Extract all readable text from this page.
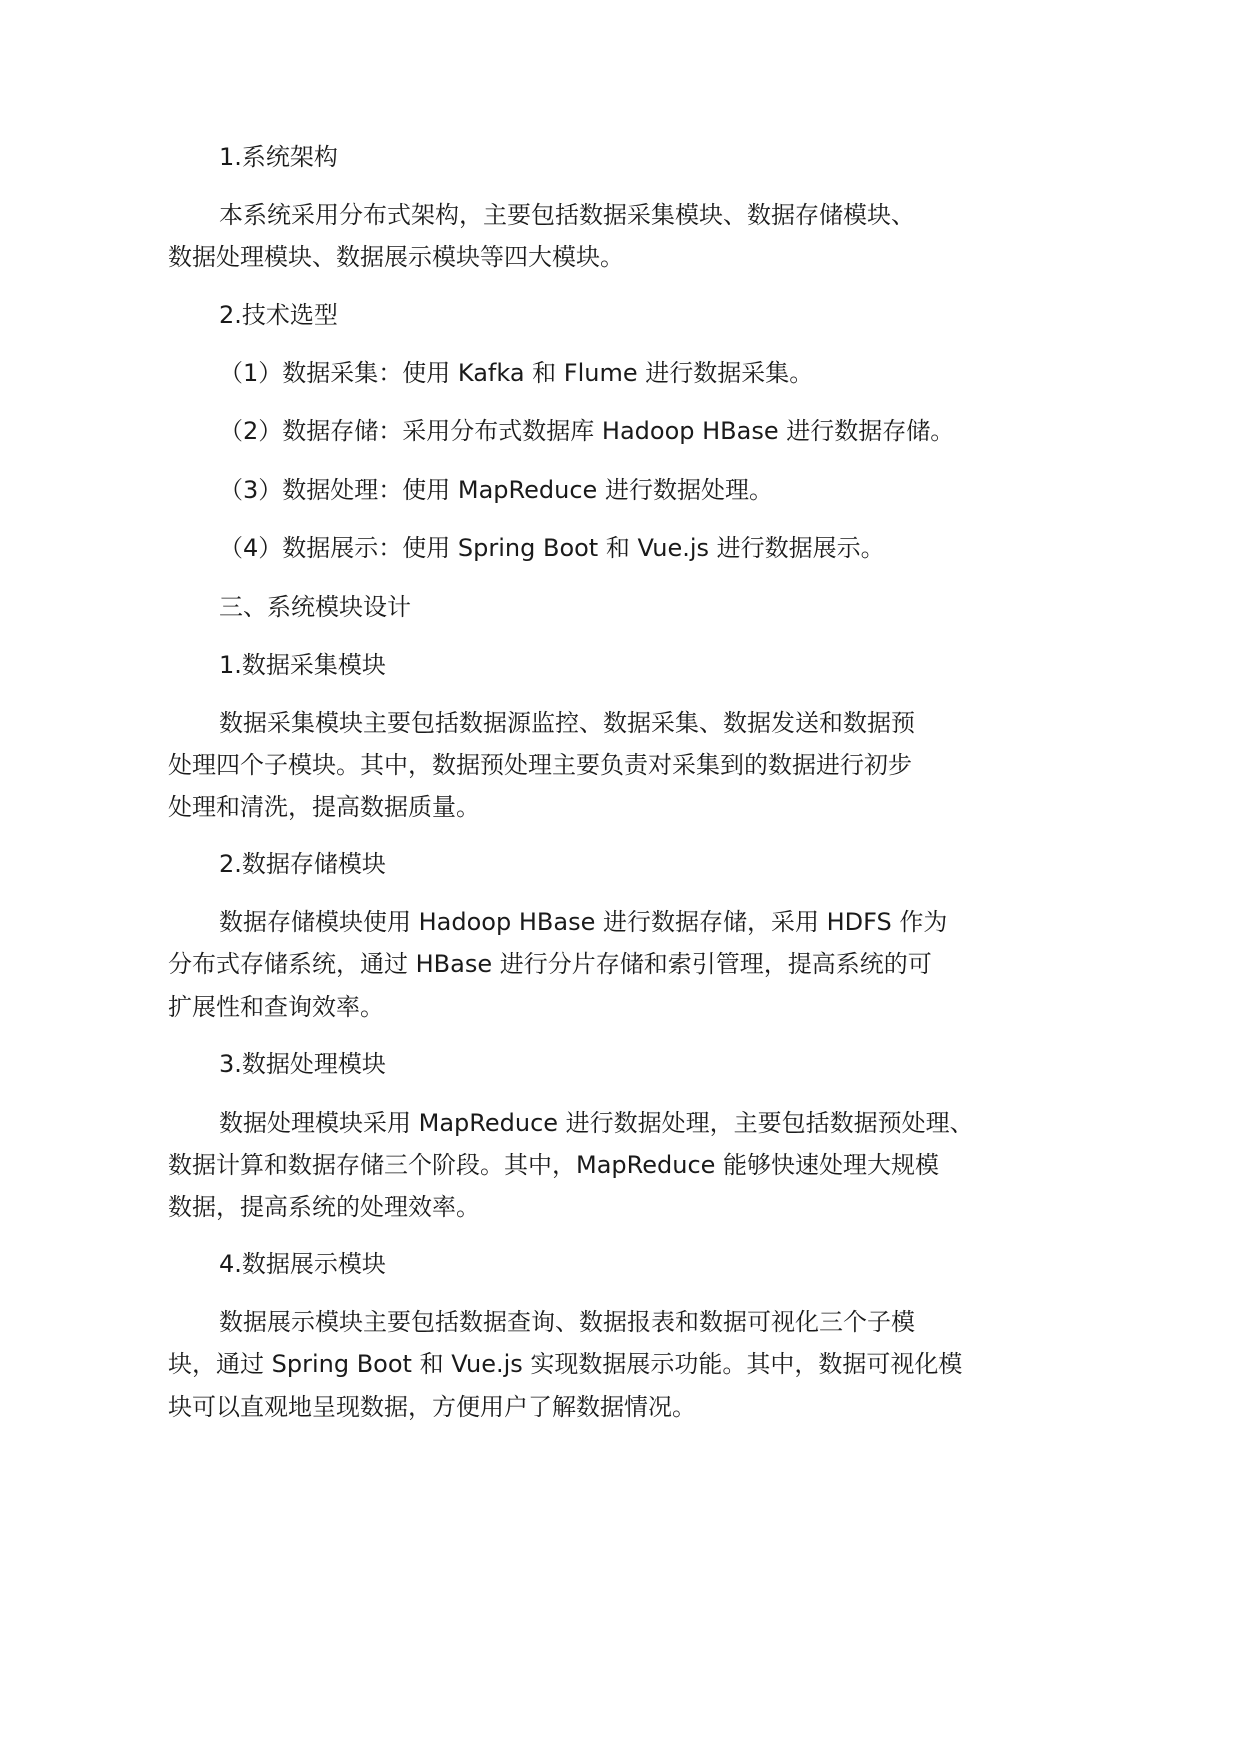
1.系统架构
本系统采用分布式架构，主要包括数据采集模块、数据存储模块、
数据处理模块、数据展示模块等四大模块。
2.技术选型
（1）数据采集：使用 Kafka 和 Flume 进行数据采集。
（2）数据存储：采用分布式数据库 Hadoop HBase 进行数据存储。
（3）数据处理：使用 MapReduce 进行数据处理。
（4）数据展示：使用 Spring Boot 和 Vue.js 进行数据展示。
三、系统模块设计
1.数据采集模块
数据采集模块主要包括数据源监控、数据采集、数据发送和数据预
处理四个子模块。其中，数据预处理主要负责对采集到的数据进行初步
处理和清洗，提高数据质量。
2.数据存储模块
数据存储模块使用 Hadoop HBase 进行数据存储，采用 HDFS 作为
分布式存储系统，通过 HBase 进行分片存储和索引管理，提高系统的可
扩展性和查询效率。
3.数据处理模块
数据处理模块采用 MapReduce 进行数据处理，主要包括数据预处理、
数据计算和数据存储三个阶段。其中，MapReduce 能够快速处理大规模
数据，提高系统的处理效率。
4.数据展示模块
数据展示模块主要包括数据查询、数据报表和数据可视化三个子模
块，通过 Spring Boot 和 Vue.js 实现数据展示功能。其中，数据可视化模
块可以直观地呈现数据，方便用户了解数据情况。
